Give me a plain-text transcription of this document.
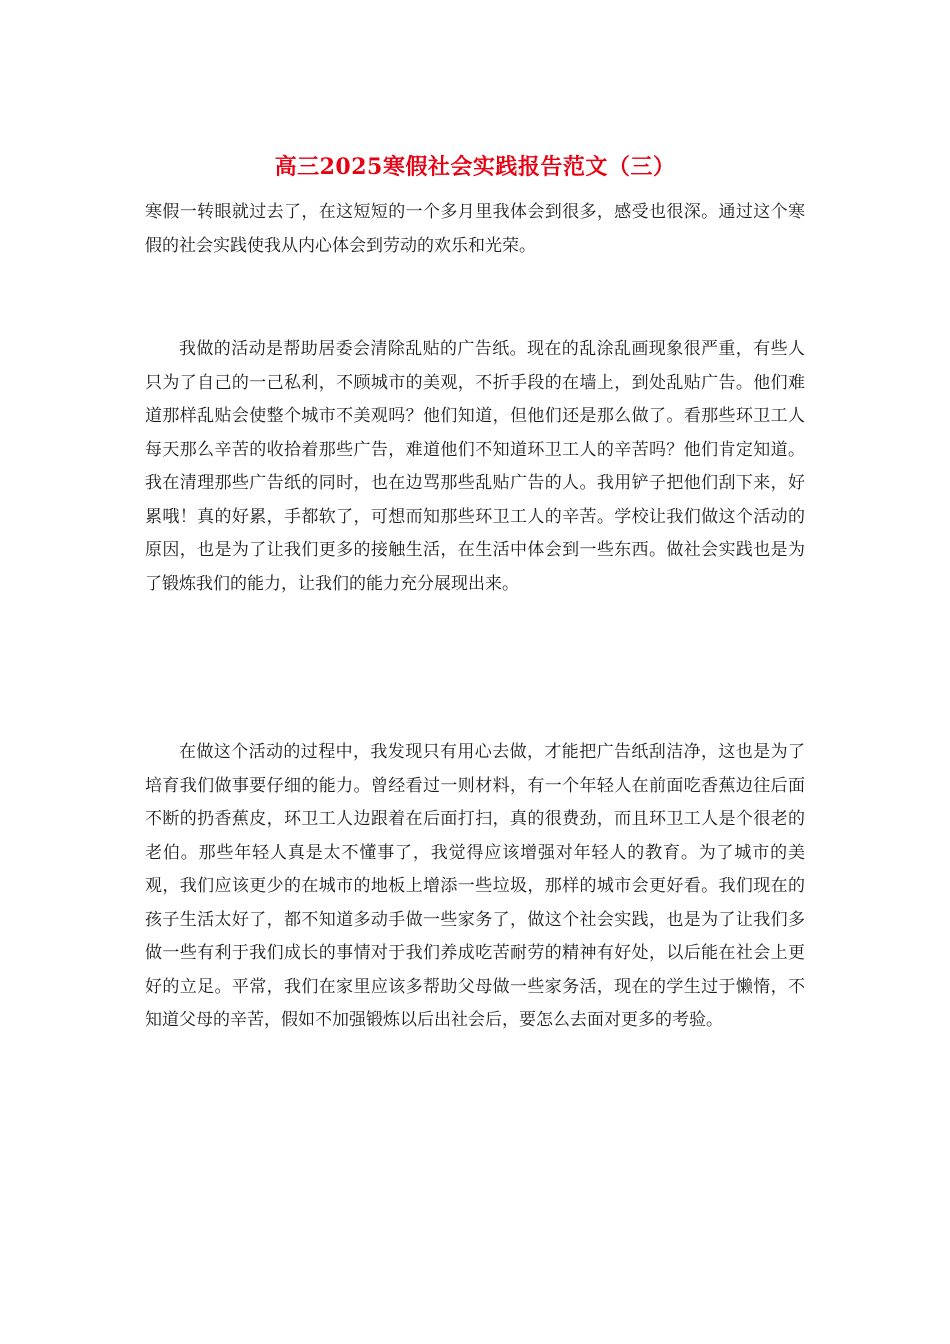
高三2025寒假社会实践报告范文（三）

寒假一转眼就过去了，在这短短的一个多月里我体会到很多，感受也很深。通过这个寒假的社会实践使我从内心体会到劳动的欢乐和光荣。

我做的活动是帮助居委会清除乱贴的广告纸。现在的乱涂乱画现象很严重，有些人只为了自己的一己私利，不顾城市的美观，不折手段的在墙上，到处乱贴广告。他们难道那样乱贴会使整个城市不美观吗？他们知道，但他们还是那么做了。看那些环卫工人每天那么辛苦的收拾着那些广告，难道他们不知道环卫工人的辛苦吗？他们肯定知道。我在清理那些广告纸的同时，也在边骂那些乱贴广告的人。我用铲子把他们刮下来，好累哦！真的好累，手都软了，可想而知那些环卫工人的辛苦。学校让我们做这个活动的原因，也是为了让我们更多的接触生活，在生活中体会到一些东西。做社会实践也是为了锻炼我们的能力，让我们的能力充分展现出来。

在做这个活动的过程中，我发现只有用心去做，才能把广告纸刮洁净，这也是为了培育我们做事要仔细的能力。曾经看过一则材料，有一个年轻人在前面吃香蕉边往后面不断的扔香蕉皮，环卫工人边跟着在后面打扫，真的很费劲，而且环卫工人是个很老的老伯。那些年轻人真是太不懂事了，我觉得应该增强对年轻人的教育。为了城市的美观，我们应该更少的在城市的地板上增添一些垃圾，那样的城市会更好看。我们现在的孩子生活太好了，都不知道多动手做一些家务了，做这个社会实践，也是为了让我们多做一些有利于我们成长的事情对于我们养成吃苦耐劳的精神有好处，以后能在社会上更好的立足。平常，我们在家里应该多帮助父母做一些家务活，现在的学生过于懒惰，不知道父母的辛苦，假如不加强锻炼以后出社会后，要怎么去面对更多的考验。
